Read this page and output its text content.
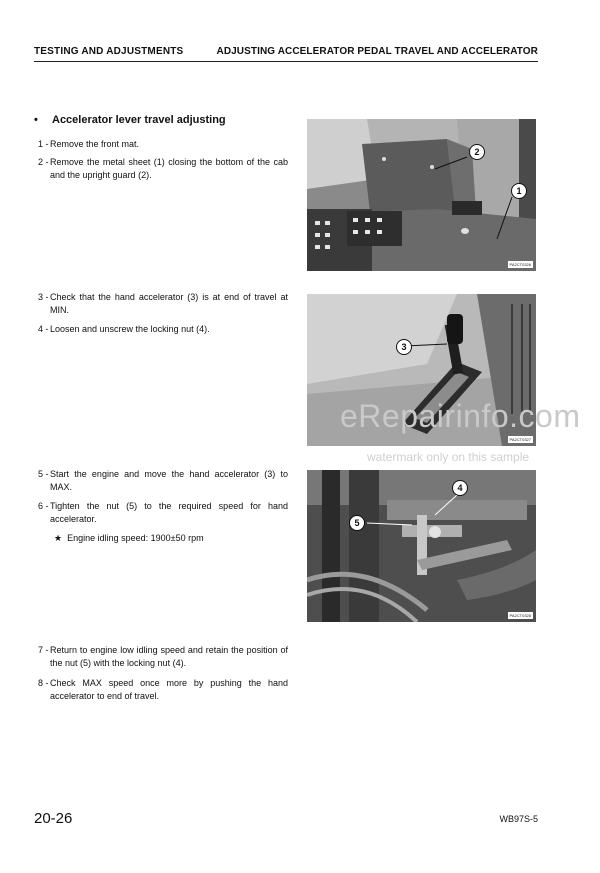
TESTING AND ADJUSTMENTS	ADJUSTING ACCELERATOR PEDAL TRAVEL AND ACCELERATOR
• Accelerator lever travel adjusting
1 - Remove the front mat.
2 - Remove the metal sheet (1) closing the bottom of the cab and the upright guard (2).
3 - Check that the hand accelerator (3) is at end of travel at MIN.
4 - Loosen and unscrew the locking nut (4).
5 - Start the engine and move the hand accelerator (3) to MAX.
6 - Tighten the nut (5) to the required speed for hand accelerator.
★ Engine idling speed: 1900±50 rpm
7 - Return to engine low idling speed and retain the position of the nut (5) with the locking nut (4).
8 - Check MAX speed once more by pushing the hand accelerator to end of travel.
2
1
PA2CT0326
3
PA2CT0327
4
5
PA2CT0328
eRepairinfo.com
watermark only on this sample
20-26	WB97S-5
